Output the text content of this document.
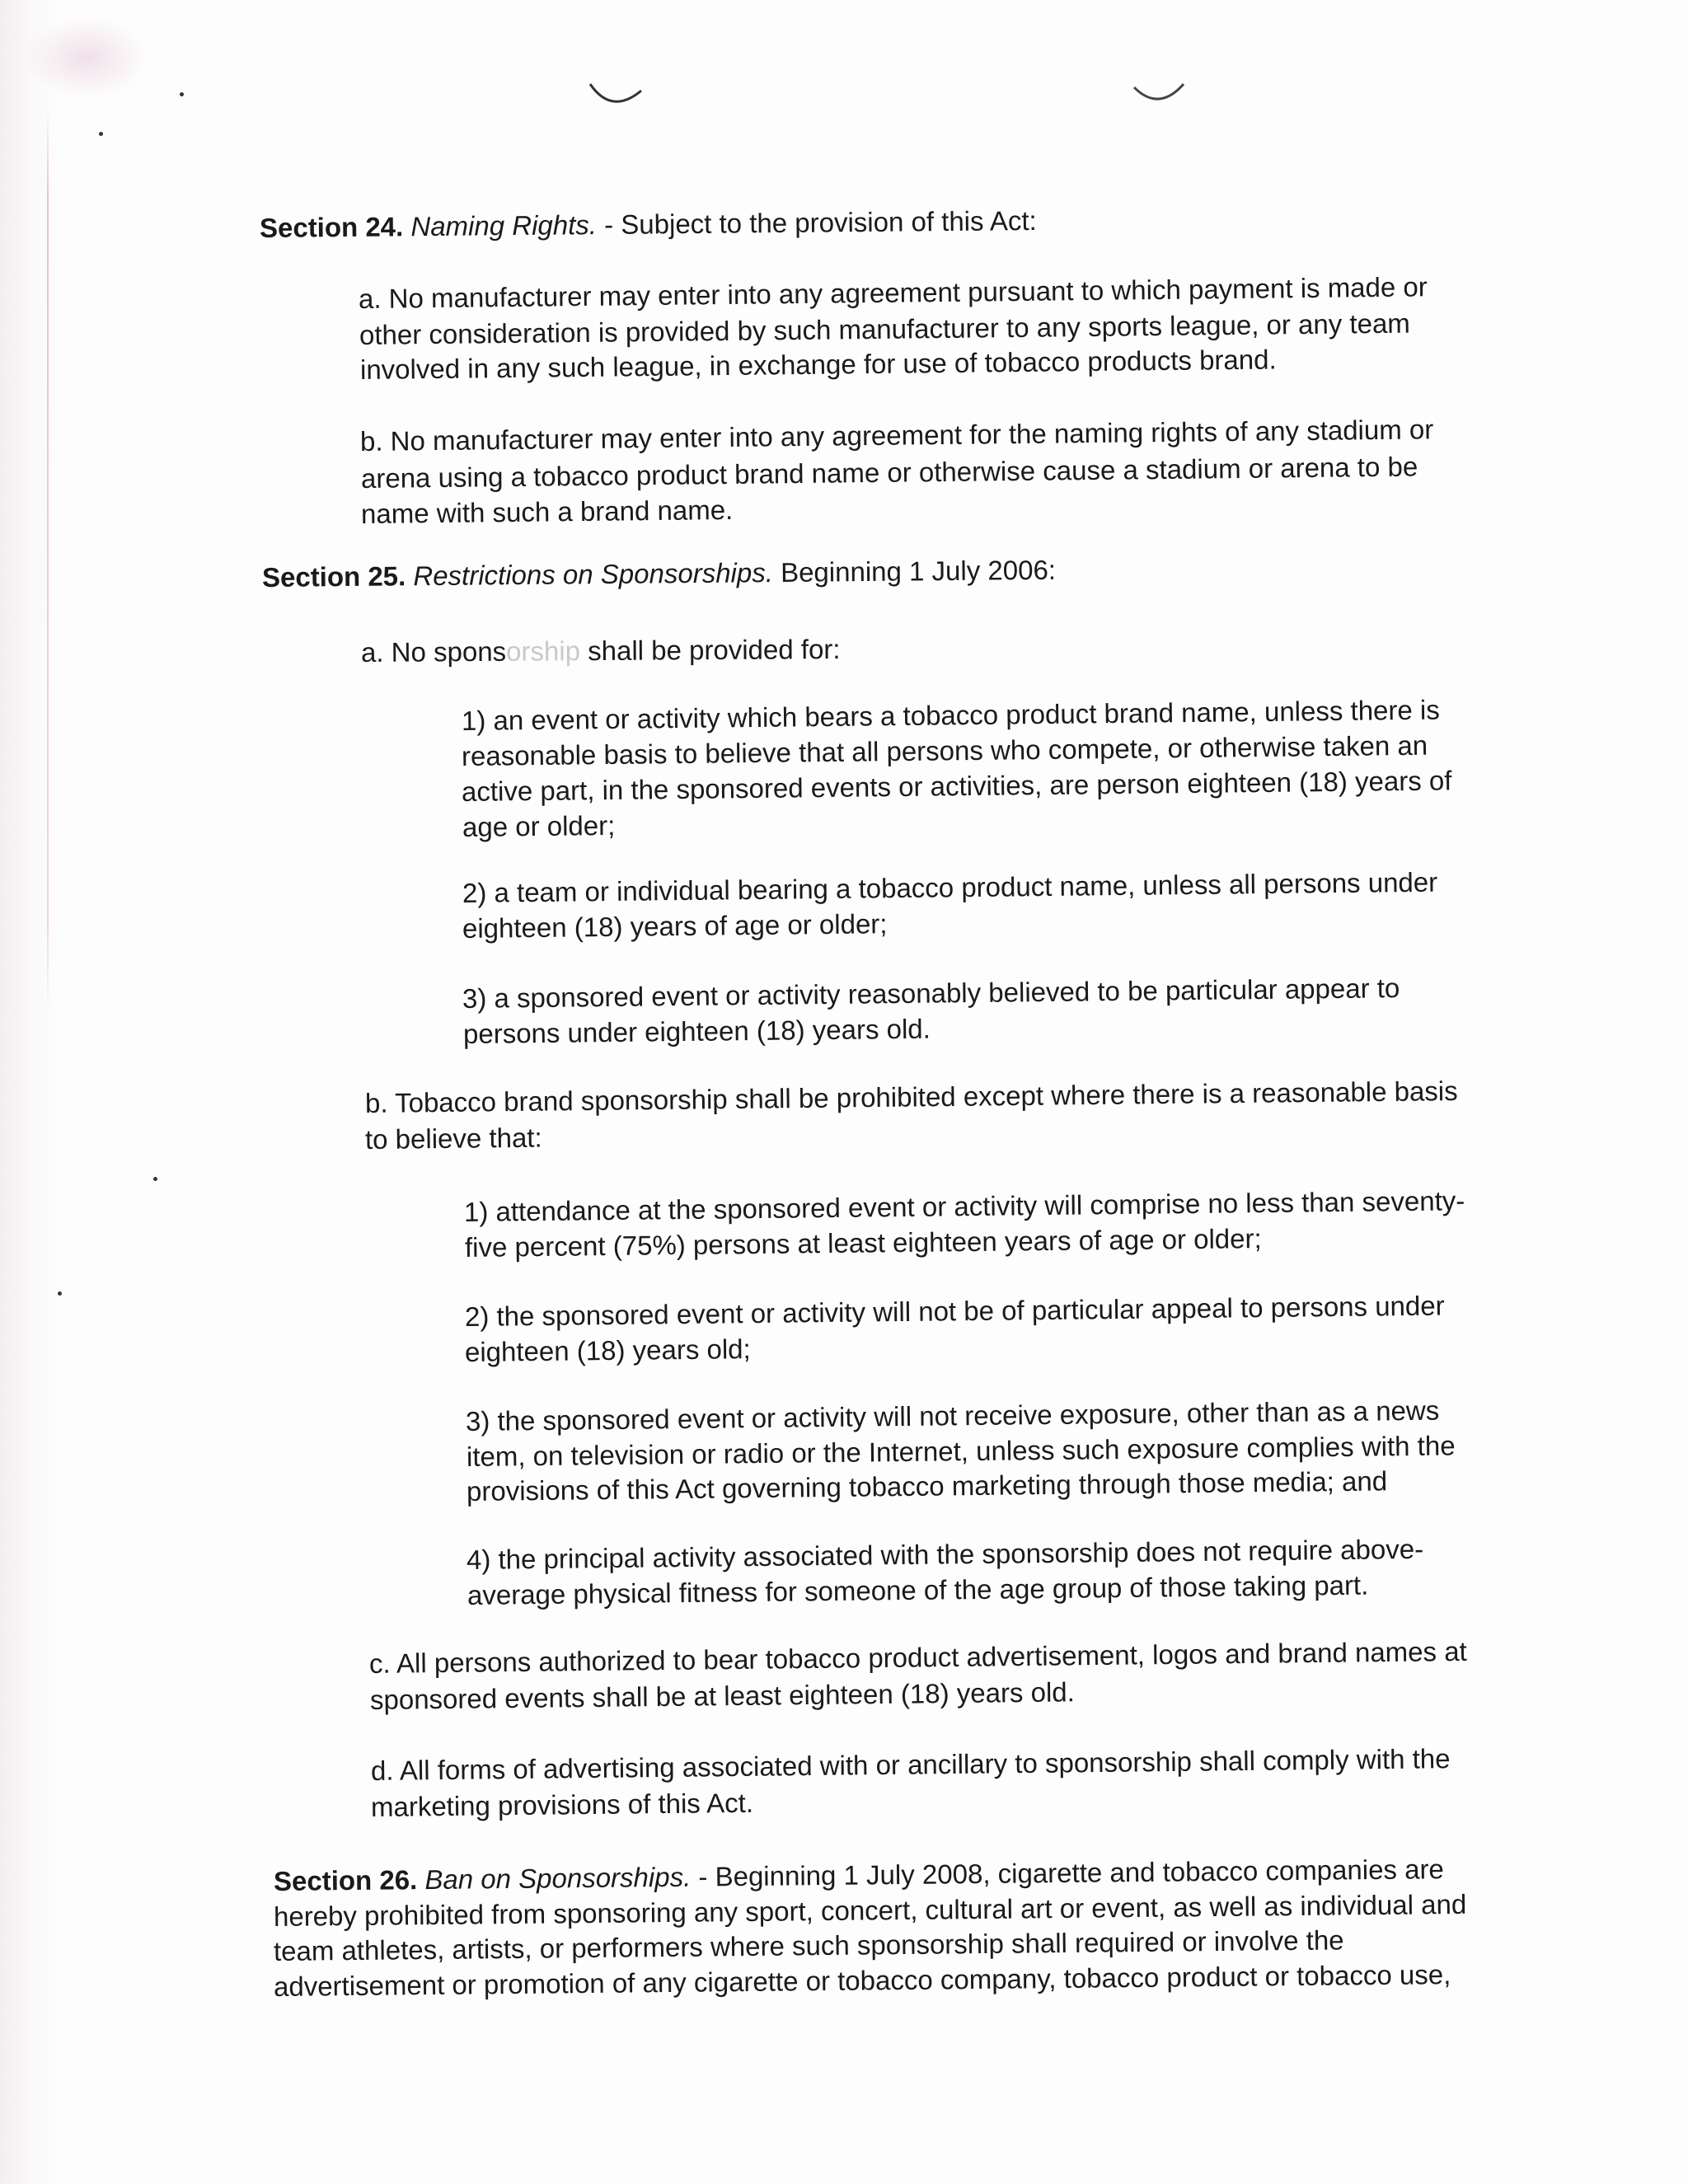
Section 24. Naming Rights. - Subject to the provision of this Act:

a. No manufacturer may enter into any agreement pursuant to which payment is made or

other consideration is provided by such manufacturer to any sports league, or any team

involved in any such league, in exchange for use of tobacco products brand.

b. No manufacturer may enter into any agreement for the naming rights of any stadium or

arena using a tobacco product brand name or otherwise cause a stadium or arena to be

name with such a brand name.

Section 25. Restrictions on Sponsorships. Beginning 1 July 2006:

a. No sponsorship shall be provided for:

1) an event or activity which bears a tobacco product brand name, unless there is

reasonable basis to believe that all persons who compete, or otherwise taken an

active part, in the sponsored events or activities, are person eighteen (18) years of

age or older;

2) a team or individual bearing a tobacco product name, unless all persons under

eighteen (18) years of age or older;

3) a sponsored event or activity reasonably believed to be particular appear to

persons under eighteen (18) years old.

b. Tobacco brand sponsorship shall be prohibited except where there is a reasonable basis

to believe that:

1) attendance at the sponsored event or activity will comprise no less than seventy-

five percent (75%) persons at least eighteen years of age or older;

2) the sponsored event or activity will not be of particular appeal to persons under

eighteen (18) years old;

3) the sponsored event or activity will not receive exposure, other than as a news

item, on television or radio or the Internet, unless such exposure complies with the

provisions of this Act governing tobacco marketing through those media; and

4) the principal activity associated with the sponsorship does not require above-

average physical fitness for someone of the age group of those taking part.

c. All persons authorized to bear tobacco product advertisement, logos and brand names at

sponsored events shall be at least eighteen (18) years old.

d. All forms of advertising associated with or ancillary to sponsorship shall comply with the

marketing provisions of this Act.

Section 26. Ban on Sponsorships. - Beginning 1 July 2008, cigarette and tobacco companies are

hereby prohibited from sponsoring any sport, concert, cultural art or event, as well as individual and

team athletes, artists, or performers where such sponsorship shall required or involve the

advertisement or promotion of any cigarette or tobacco company, tobacco product or tobacco use,
